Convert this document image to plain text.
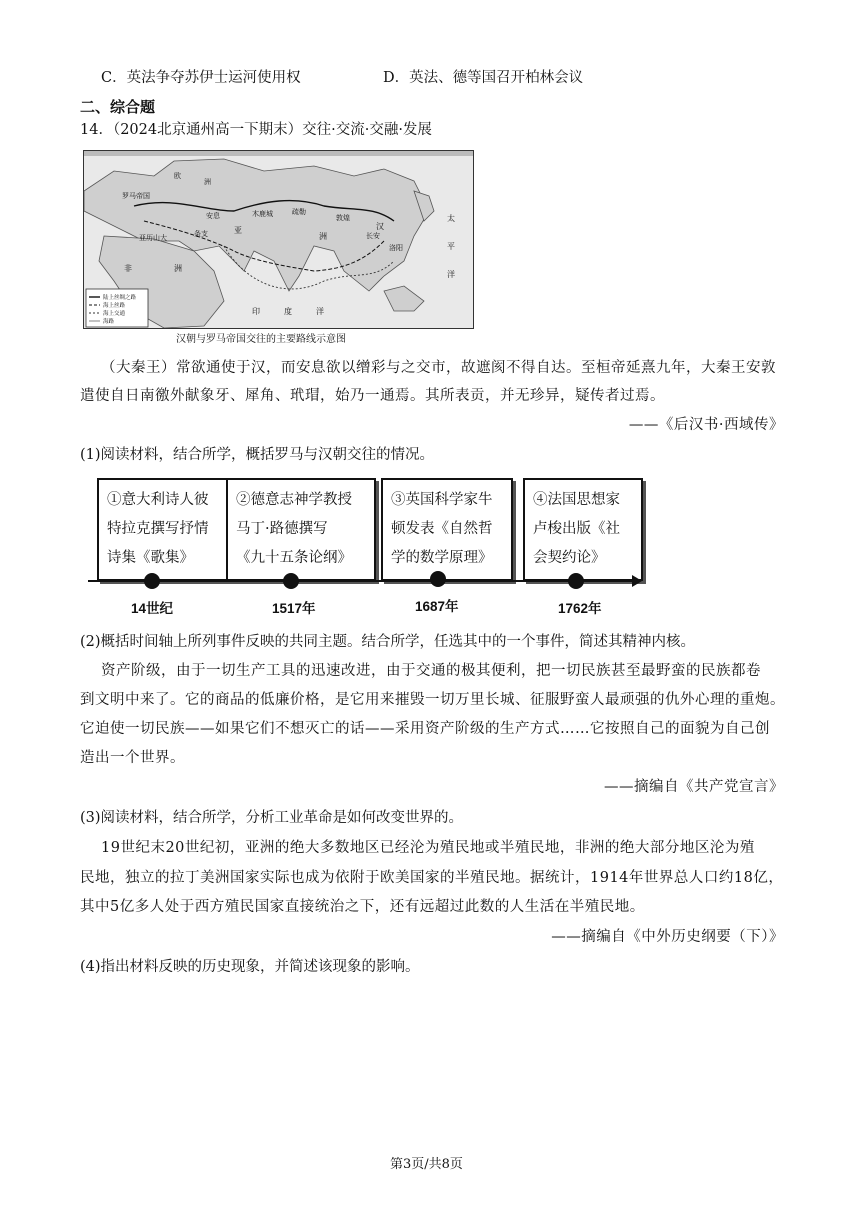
C．英法争夺苏伊士运河使用权	D．英法、德等国召开柏林会议
二、综合题
14．（2024北京通州高一下期末）交往·交流·交融·发展
罗马帝国
亚历山大
安息	木鹿城	疏勒
敦煌
汉
长安
洛阳
条支	亚
洲
非	洲
印	度	洋
太
平
洋
欧
洲
陆上丝绸之路
海上丝路
海上交通
海路
汉朝与罗马帝国交往的主要路线示意图
（大秦王）常欲通使于汉，而安息欲以缯彩与之交市，故遮阂不得自达。至桓帝延熹九年，大秦王安敦
遣使自日南徼外献象牙、犀角、玳瑁，始乃一通焉。其所表贡，并无珍异，疑传者过焉。
——《后汉书·西域传》
(1)阅读材料，结合所学，概括罗马与汉朝交往的情况。
①意大利诗人彼
特拉克撰写抒情
诗集《歌集》
②德意志神学教授
马丁·路德撰写
《九十五条论纲》
③英国科学家牛
顿发表《自然哲
学的数学原理》
④法国思想家
卢梭出版《社
会契约论》
14世纪	1517年	1687年	1762年
(2)概括时间轴上所列事件反映的共同主题。结合所学，任选其中的一个事件，简述其精神内核。
资产阶级，由于一切生产工具的迅速改进，由于交通的极其便利，把一切民族甚至最野蛮的民族都卷
到文明中来了。它的商品的低廉价格，是它用来摧毁一切万里长城、征服野蛮人最顽强的仇外心理的重炮。
它迫使一切民族——如果它们不想灭亡的话——采用资产阶级的生产方式……它按照自己的面貌为自己创
造出一个世界。
——摘编自《共产党宣言》
(3)阅读材料，结合所学，分析工业革命是如何改变世界的。
19世纪末20世纪初，亚洲的绝大多数地区已经沦为殖民地或半殖民地，非洲的绝大部分地区沦为殖
民地，独立的拉丁美洲国家实际也成为依附于欧美国家的半殖民地。据统计，1914年世界总人口约18亿，
其中5亿多人处于西方殖民国家直接统治之下，还有远超过此数的人生活在半殖民地。
——摘编自《中外历史纲要（下）》
(4)指出材料反映的历史现象，并简述该现象的影响。
第3页/共8页
